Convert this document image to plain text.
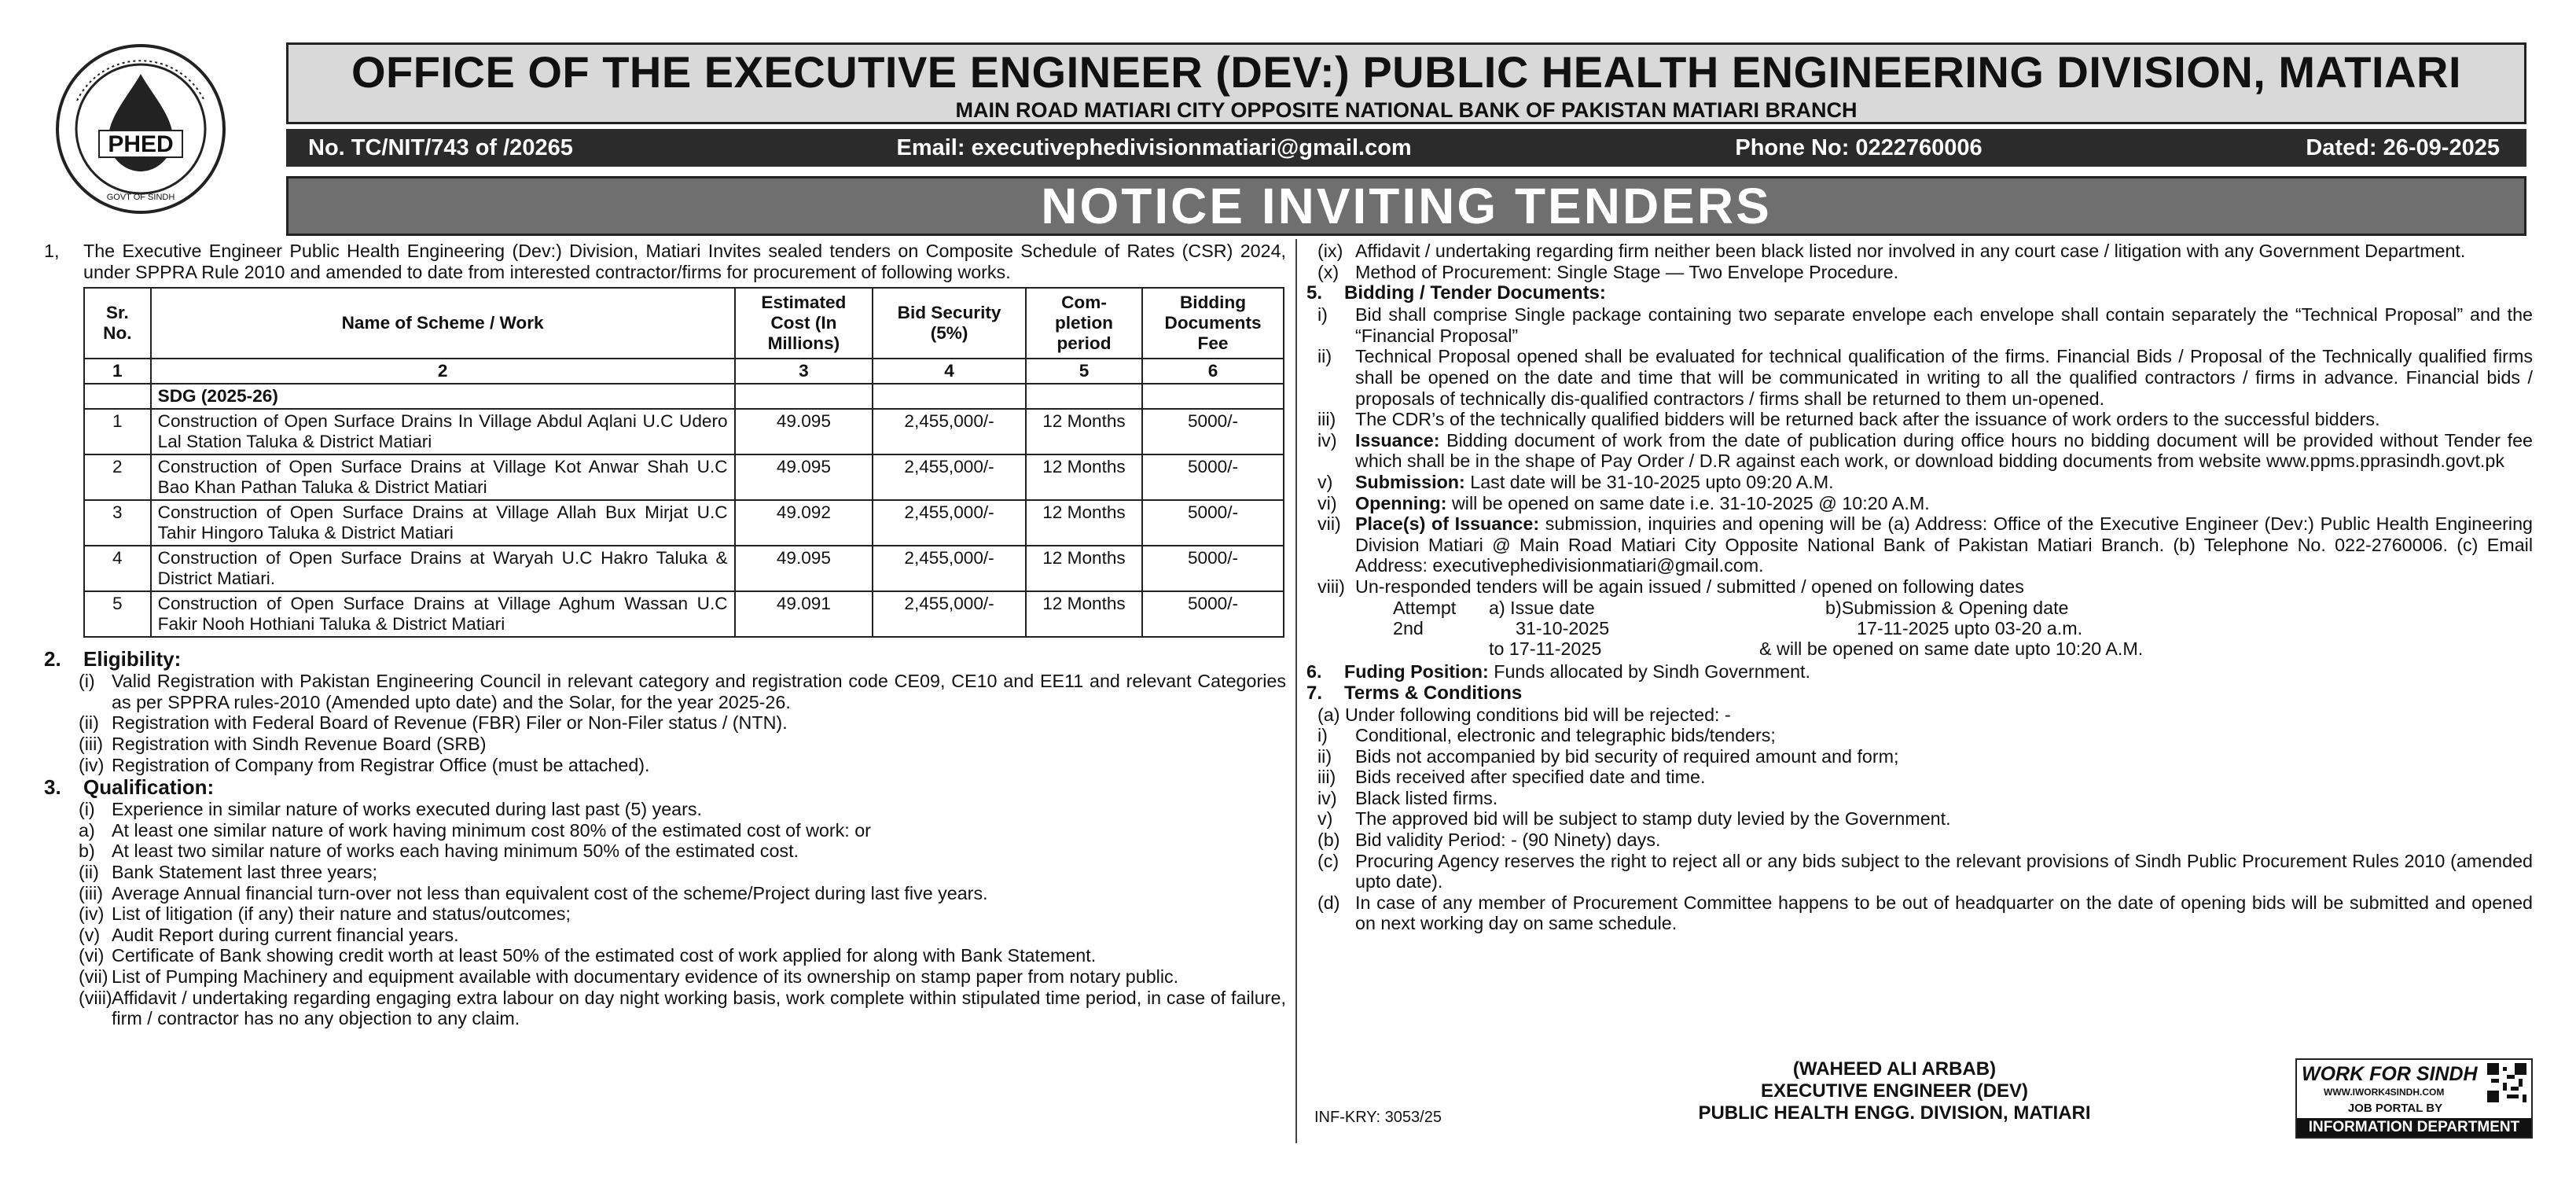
PHED
GOVT OF SINDH
OFFICE OF THE EXECUTIVE ENGINEER (DEV:) PUBLIC HEALTH ENGINEERING DIVISION, MATIARI
MAIN ROAD MATIARI CITY OPPOSITE NATIONAL BANK OF PAKISTAN MATIARI BRANCH
No. TC/NIT/743 of /20265	Email: executivephedivisionmatiari@gmail.com	Phone No: 0222760006	Dated: 26-09-2025
NOTICE INVITING TENDERS
1,	The Executive Engineer Public Health Engineering (Dev:) Division, Matiari Invites sealed tenders on Composite Schedule of Rates (CSR) 2024, under SPPRA Rule 2010 and amended to date from interested contractor/firms for procurement of following works.
Sr. No.	Name of Scheme / Work	Estimated Cost (In Millions)	Bid Security (5%)	Com-pletion period	Bidding Documents Fee
1	2	3	4	5	6
	SDG (2025-26)				
1	Construction of Open Surface Drains In Village Abdul Aqlani U.C Udero Lal Station Taluka & District Matiari	49.095	2,455,000/-	12 Months	5000/-
2	Construction of Open Surface Drains at Village Kot Anwar Shah U.C Bao Khan Pathan Taluka & District Matiari	49.095	2,455,000/-	12 Months	5000/-
3	Construction of Open Surface Drains at Village Allah Bux Mirjat U.C Tahir Hingoro Taluka & District Matiari	49.092	2,455,000/-	12 Months	5000/-
4	Construction of Open Surface Drains at Waryah U.C Hakro Taluka & District Matiari.	49.095	2,455,000/-	12 Months	5000/-
5	Construction of Open Surface Drains at Village Aghum Wassan U.C Fakir Nooh Hothiani Taluka & District Matiari	49.091	2,455,000/-	12 Months	5000/-
2.	Eligibility:
(i) Valid Registration with Pakistan Engineering Council in relevant category and registration code CE09, CE10 and EE11 and relevant Categories as per SPPRA rules-2010 (Amended upto date) and the Solar, for the year 2025-26.
(ii) Registration with Federal Board of Revenue (FBR) Filer or Non-Filer status / (NTN).
(iii) Registration with Sindh Revenue Board (SRB)
(iv) Registration of Company from Registrar Office (must be attached).
3.	Qualification:
(i) Experience in similar nature of works executed during last past (5) years.
a) At least one similar nature of work having minimum cost 80% of the estimated cost of work: or
b) At least two similar nature of works each having minimum 50% of the estimated cost.
(ii) Bank Statement last three years;
(iii) Average Annual financial turn-over not less than equivalent cost of the scheme/Project during last five years.
(iv) List of litigation (if any) their nature and status/outcomes;
(v) Audit Report during current financial years.
(vi) Certificate of Bank showing credit worth at least 50% of the estimated cost of work applied for along with Bank Statement.
(vii) List of Pumping Machinery and equipment available with documentary evidence of its ownership on stamp paper from notary public.
(viii) Affidavit / undertaking regarding engaging extra labour on day night working basis, work complete within stipulated time period, in case of failure, firm / contractor has no any objection to any claim.
(ix) Affidavit / undertaking regarding firm neither been black listed nor involved in any court case / litigation with any Government Department.
(x) Method of Procurement: Single Stage — Two Envelope Procedure.
5. Bidding / Tender Documents:
i) Bid shall comprise Single package containing two separate envelope each envelope shall contain separately the “Technical Proposal” and the “Financial Proposal”
ii) Technical Proposal opened shall be evaluated for technical qualification of the firms. Financial Bids / Proposal of the Technically qualified firms shall be opened on the date and time that will be communicated in writing to all the qualified contractors / firms in advance. Financial bids / proposals of technically dis-qualified contractors / firms shall be returned to them un-opened.
iii) The CDR’s of the technically qualified bidders will be returned back after the issuance of work orders to the successful bidders.
iv) Issuance: Bidding document of work from the date of publication during office hours no bidding document will be provided without Tender fee which shall be in the shape of Pay Order / D.R against each work, or download bidding documents from website www.ppms.pprasindh.govt.pk
v) Submission: Last date will be 31-10-2025 upto 09:20 A.M.
vi) Openning: will be opened on same date i.e. 31-10-2025 @ 10:20 A.M.
vii) Place(s) of Issuance: submission, inquiries and opening will be (a) Address: Office of the Executive Engineer (Dev:) Public Health Engineering Division Matiari @ Main Road Matiari City Opposite National Bank of Pakistan Matiari Branch. (b) Telephone No. 022-2760006. (c) Email Address: executivephedivisionmatiari@gmail.com.
viii) Un-responded tenders will be again issued / submitted / opened on following dates
Attempt a) Issue date	b)Submission & Opening date
2nd	31-10-2025	17-11-2025 upto 03-20 a.m.
to 17-11-2025	& will be opened on same date upto 10:20 A.M.
6. Fuding Position: Funds allocated by Sindh Government.
7. Terms & Conditions
(a) Under following conditions bid will be rejected: -
i) Conditional, electronic and telegraphic bids/tenders;
ii) Bids not accompanied by bid security of required amount and form;
iii) Bids received after specified date and time.
iv) Black listed firms.
v) The approved bid will be subject to stamp duty levied by the Government.
(b) Bid validity Period: - (90 Ninety) days.
(c) Procuring Agency reserves the right to reject all or any bids subject to the relevant provisions of Sindh Public Procurement Rules 2010 (amended upto date).
(d) In case of any member of Procurement Committee happens to be out of headquarter on the date of opening bids will be submitted and opened on next working day on same schedule.
(WAHEED ALI ARBAB)
EXECUTIVE ENGINEER (DEV)
PUBLIC HEALTH ENGG. DIVISION, MATIARI
INF-KRY: 3053/25
WORK FOR SINDH
WWW.IWORK4SINDH.COM
JOB PORTAL BY
INFORMATION DEPARTMENT
